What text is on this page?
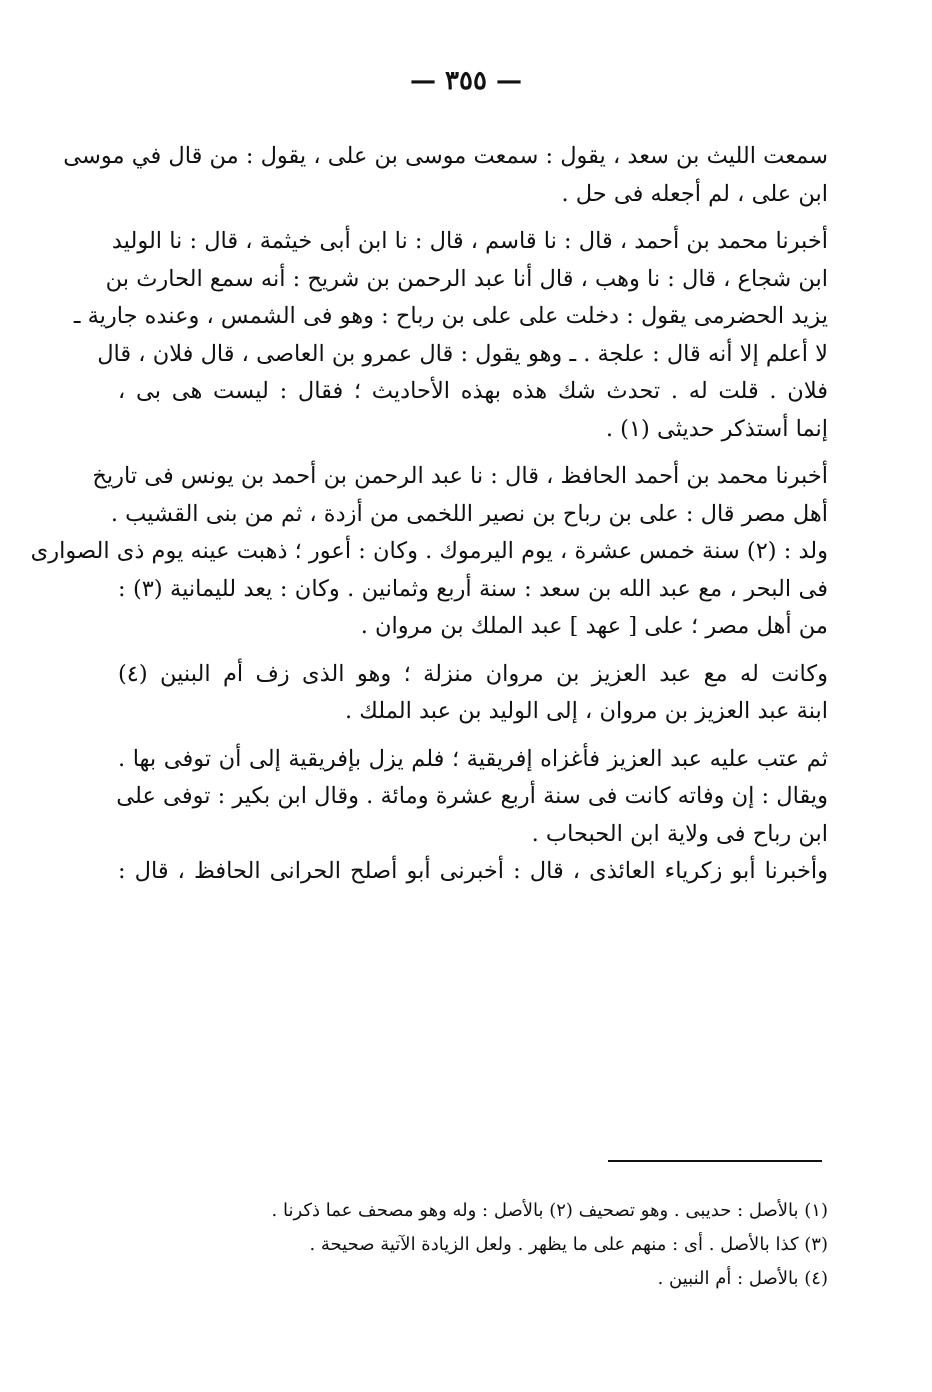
— ٣٥٥ —
سمعت الليث بن سعد ، يقول : سمعت موسى بن على ، يقول : من قال في موسى
ابن على ، لم أجعله فى حل .
أخبرنا محمد بن أحمد ، قال : نا قاسم ، قال : نا ابن أبى خيثمة ، قال : نا الوليد
ابن شجاع ، قال : نا وهب ، قال أنا عبد الرحمن بن شريح : أنه سمع الحارث بن
يزيد الحضرمى يقول : دخلت على على بن رباح : وهو فى الشمس ، وعنده جارية ـ
لا أعلم إلا أنه قال : علجة . ـ وهو يقول : قال عمرو بن العاصى ، قال فلان ، قال
فلان . قلت له . تحدث شك هذه بهذه الأحاديث ؛ فقال : ليست هى بى ،
إنما أستذكر حديثى (١) .
أخبرنا محمد بن أحمد الحافظ ، قال : نا عبد الرحمن بن أحمد بن يونس فى تاريخ
أهل مصر قال : على بن رباح بن نصير اللخمى من أزدة ، ثم من بنى القشيب .
ولد : (٢) سنة خمس عشرة ، يوم اليرموك . وكان : أعور ؛ ذهبت عينه يوم ذى الصوارى
فى البحر ، مع عبد الله بن سعد : سنة أربع وثمانين . وكان : يعد لليمانية (٣) :
من أهل مصر ؛ على [ عهد ] عبد الملك بن مروان .
وكانت له مع عبد العزيز بن مروان منزلة ؛ وهو الذى زف أم البنين (٤)
ابنة عبد العزيز بن مروان ، إلى الوليد بن عبد الملك .
ثم عتب عليه عبد العزيز فأغزاه إفريقية ؛ فلم يزل بإفريقية إلى أن توفى بها .
ويقال : إن وفاته كانت فى سنة أربع عشرة ومائة . وقال ابن بكير : توفى على
ابن رباح فى ولاية ابن الحبحاب .
وأخبرنا أبو زكرياء العائذى ، قال : أخبرنى أبو أصلح الحرانى الحافظ ، قال :
(١) بالأصل : حديبى . وهو تصحيف (٢) بالأصل : وله وهو مصحف عما ذكرنا .
(٣) كذا بالأصل . أى : منهم على ما يظهر . ولعل الزيادة الآتية صحيحة .
(٤) بالأصل : أم النبين .
